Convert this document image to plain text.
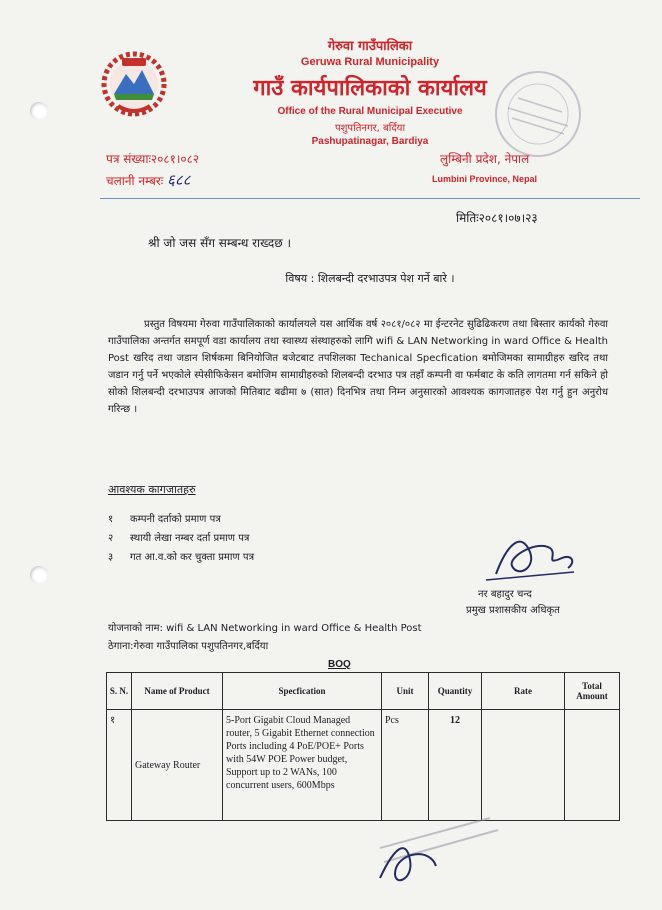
गेरुवा गाउँपालिका
Geruwa Rural Municipality
गाउँ कार्यपालिकाको कार्यालय
Office of the Rural Municipal Executive
पशुपतिनगर, बर्दिया
Pashupatinagar, Bardiya
पत्र संख्याः२०८१।०८२
चलानी नम्बरः ६८८
लुम्बिनी प्रदेश, नेपाल
Lumbini Province, Nepal
मितिः२०८१।०७।२३
श्री जो जस सँग सम्बन्ध राख्दछ ।
विषय : शिलबन्दी दरभाउपत्र पेश गर्ने बारे ।
प्रस्तुत विषयमा गेरुवा गाउँपालिकाको कार्यालयले यस आर्थिक वर्ष २०८१/०८२ मा ईन्टरनेट सुढिढिकरण तथा बिस्तार कार्यको गेरुवा गाउँपालिका अन्तर्गत समपूर्ण वडा कार्यालय तथा स्वास्थ्य संस्थाहरुको लागि wifi & LAN Networking in ward Office & Health Post खरिद तथा जडान शिर्षकमा बिनियोजित बजेटबाट तपशिलका Techanical Specfication बमोजिमका सामाग्रीहरु खरिद तथा जडान गर्नु पर्ने भएकोले स्पेसीफिकेसन बमोजिम सामाग्रीहरुको शिलबन्दी दरभाउ पत्र तहाँ कम्पनी वा फर्मबाट के कति लागतमा गर्न सकिने हो सोको शिलबन्दी दरभाउपत्र आजको मितिबाट बढीमा ७ (सात) दिनभित्र तथा निम्न अनुसारको आवश्यक कागजातहरु पेश गर्नु हुन अनुरोध गरिन्छ ।
आवश्यक कागजातहरु
१ कम्पनी दर्ताको प्रमाण पत्र
२ स्थायी लेखा नम्बर दर्ता प्रमाण पत्र
३ गत आ.व.को कर चुक्ता प्रमाण पत्र
नर बहादुर चन्द
प्रमुख प्रशासकीय अधिकृत
योजनाको नाम: wifi & LAN Networking in ward Office & Health Post
ठेगाना:गेरुवा गाउँपालिका पशुपतिनगर,बर्दिया
BOQ
S. N.	Name of Product	Specfication	Unit	Quantity	Rate	Total Amount
१	Gateway Router	5-Port Gigabit Cloud Managed router, 5 Gigabit Ethernet connection Ports including 4 PoE/POE+ Ports with 54W POE Power budget, Support up to 2 WANs, 100 concurrent users, 600Mbps	Pcs	12		
